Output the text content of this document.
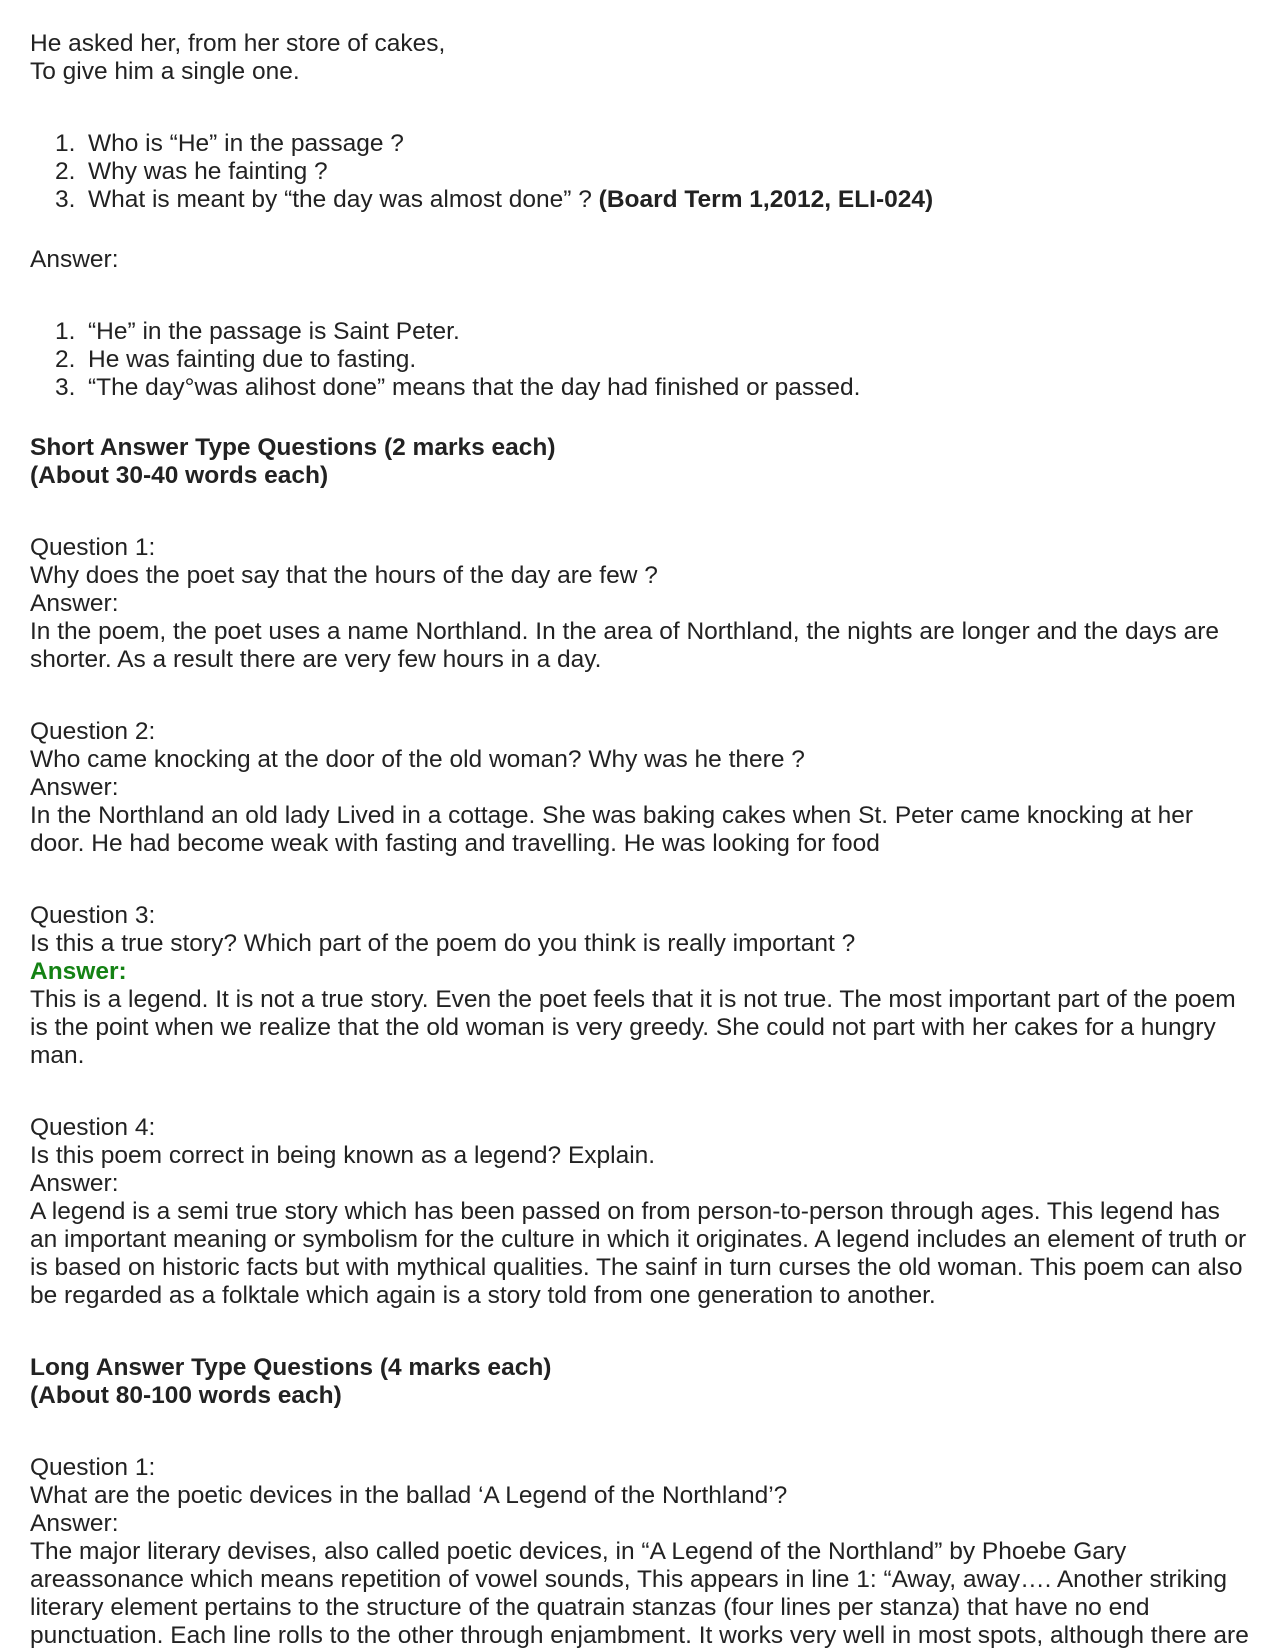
He asked her, from her store of cakes,
To give him a single one.
1. Who is “He” in the passage ?
2. Why was he fainting ?
3. What is meant by “the day was almost done” ? (Board Term 1,2012, ELI-024)
Answer:
1. “He” in the passage is Saint Peter.
2. He was fainting due to fasting.
3. “The day°was alihost done” means that the day had finished or passed.
Short Answer Type Questions (2 marks each)
(About 30-40 words each)
Question 1:
Why does the poet say that the hours of the day are few ?
Answer:
In the poem, the poet uses a name Northland. In the area of Northland, the nights are longer and the days are
shorter. As a result there are very few hours in a day.
Question 2:
Who came knocking at the door of the old woman? Why was he there ?
Answer:
In the Northland an old lady Lived in a cottage. She was baking cakes when St. Peter came knocking at her
door. He had become weak with fasting and travelling. He was looking for food
Question 3:
Is this a true story? Which part of the poem do you think is really important ?
Answer:
This is a legend. It is not a true story. Even the poet feels that it is not true. The most important part of the poem
is the point when we realize that the old woman is very greedy. She could not part with her cakes for a hungry
man.
Question 4:
Is this poem correct in being known as a legend? Explain.
Answer:
A legend is a semi true story which has been passed on from person-to-person through ages. This legend has
an important meaning or symbolism for the culture in which it originates. A legend includes an element of truth or
is based on historic facts but with mythical qualities. The sainf in turn curses the old woman. This poem can also
be regarded as a folktale which again is a story told from one generation to another.
Long Answer Type Questions (4 marks each)
(About 80-100 words each)
Question 1:
What are the poetic devices in the ballad ‘A Legend of the Northland’?
Answer:
The major literary devises, also called poetic devices, in “A Legend of the Northland” by Phoebe Gary
areassonance which means repetition of vowel sounds, This appears in line 1: “Away, away…. Another striking
literary element pertains to the structure of the quatrain stanzas (four lines per stanza) that have no end
punctuation. Each line rolls to the other through enjambment. It works very well in most spots, although there are
